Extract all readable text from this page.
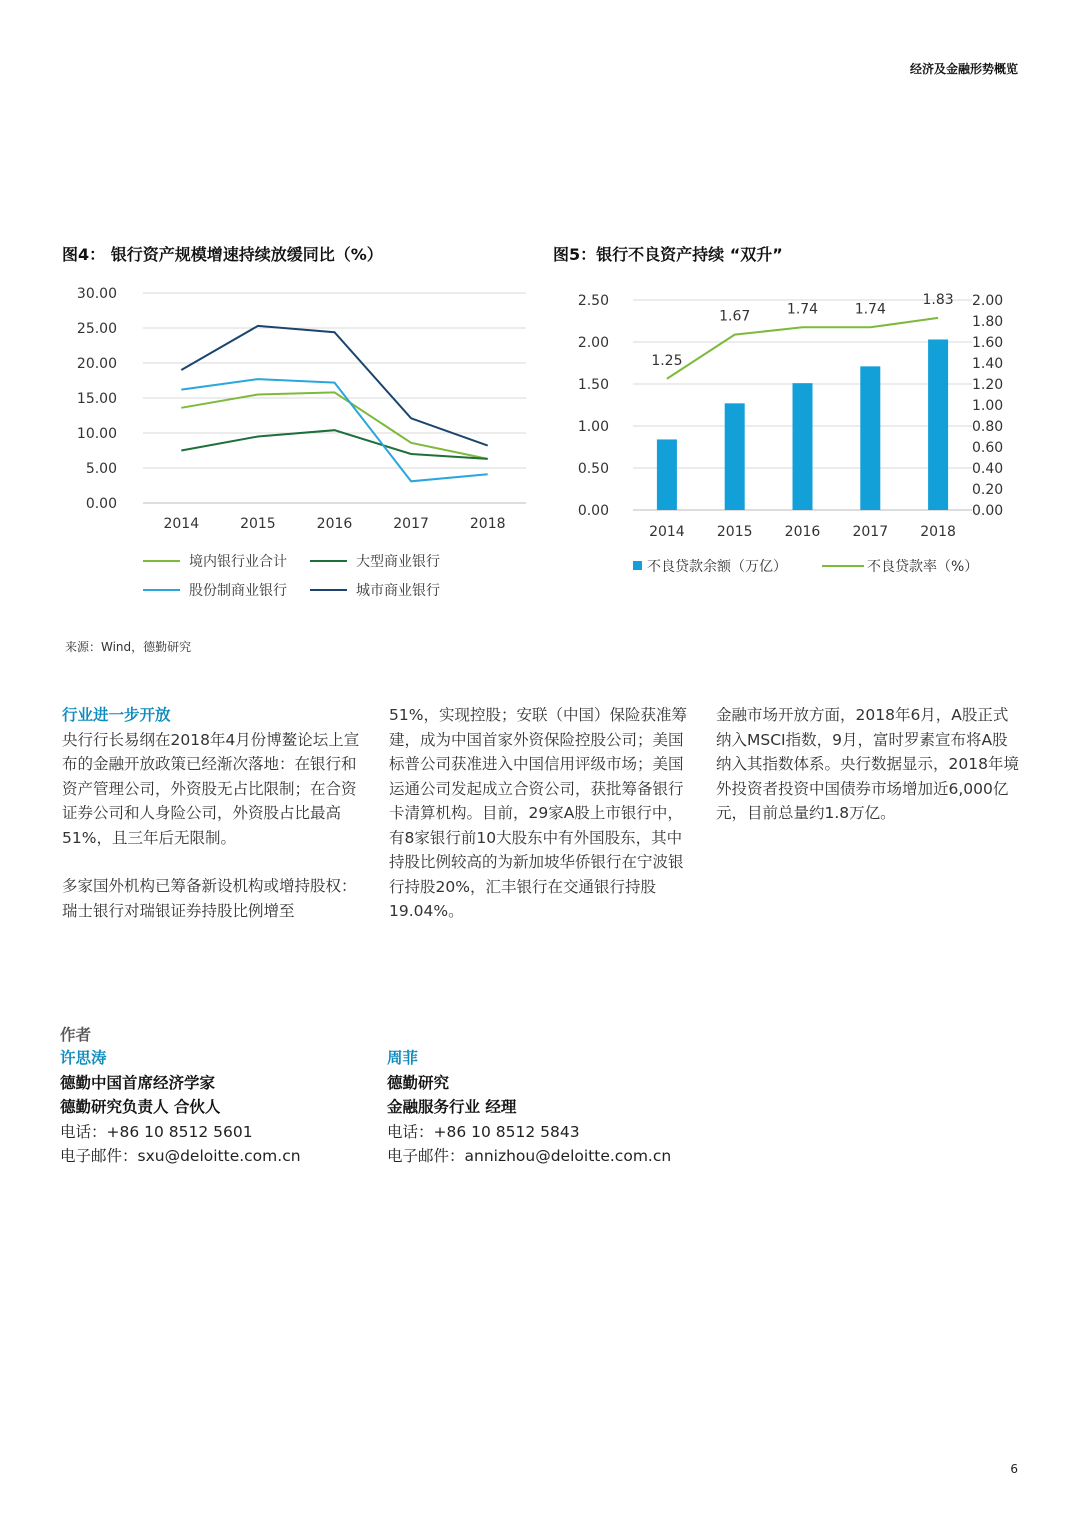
经济及金融形势概览
图4： 银行资产规模增速持续放缓同比（%）
30.00
25.00
20.00
15.00
10.00
5.00
0.00
2014	2015	2016	2017	2018
境内银行业合计	大型商业银行
股份制商业银行	城市商业银行
图5：银行不良资产持续 “双升”
2.50
2.00
1.50
1.00
0.50
0.00
2.00
1.80
1.60
1.40
1.20
1.00
0.80
0.60
0.40
0.20
0.00
1.25
1.67	1.74	1.74
1.83
2014 2015 2016 2017 2018
不良贷款余额（万亿）	不良贷款率（%）
来源：Wind，德勤研究
行业进一步开放

央行行长易纲在2018年4月份博鳌论坛上宣布的金融开放政策已经渐次落地：在银行和资产管理公司，外资股无占比限制；在合资证券公司和人身险公司，外资股占比最高51%，且三年后无限制。

多家国外机构已筹备新设机构或增持股权：瑞士银行对瑞银证券持股比例增至

51%，实现控股；安联（中国）保险获准筹建，成为中国首家外资保险控股公司；美国标普公司获准进入中国信用评级市场；美国运通公司发起成立合资公司，获批筹备银行卡清算机构。目前，29家A股上市银行中，有8家银行前10大股东中有外国股东，其中持股比例较高的为新加坡华侨银行在宁波银行持股20%，汇丰银行在交通银行持股19.04%。

金融市场开放方面，2018年6月，A股正式纳入MSCI指数，9月，富时罗素宣布将A股纳入其指数体系。央行数据显示，2018年境外投资者投资中国债券市场增加近6,000亿元，目前总量约1.8万亿。

作者
许思涛
德勤中国首席经济学家
德勤研究负责人 合伙人
电话：+86 10 8512 5601
电子邮件：sxu@deloitte.com.cn
周菲
德勤研究
金融服务行业 经理
电话：+86 10 8512 5843
电子邮件：annizhou@deloitte.com.cn
6
